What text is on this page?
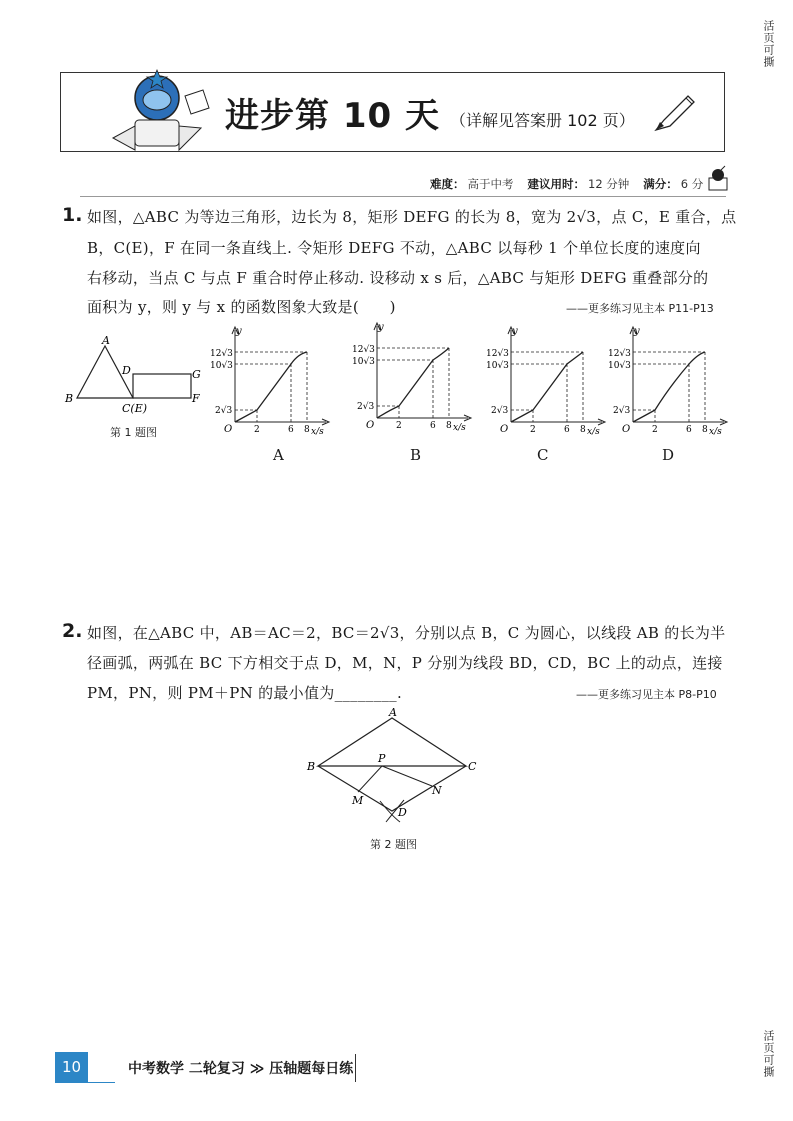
活页可撕
活页可撕
进步第 10 天 （详解见答案册 102 页）
难度： 高于中考 建议用时： 12 分钟 满分： 6 分
1. 如图，△ABC 为等边三角形，边长为 8，矩形 DEFG 的长为 8，宽为 2√3，点 C，E 重合，点
B，C(E)，F 在同一条直线上. 令矩形 DEFG 不动，△ABC 以每秒 1 个单位长度的速度向
右移动，当点 C 与点 F 重合时停止移动. 设移动 x s 后，△ABC 与矩形 DEFG 重叠部分的
面积为 y，则 y 与 x 的函数图象大致是(　　)	——更多练习见主本 P11-P13
A
B
C(E)
D
F
G
第 1 题图
y
x/s
O
12√3
10√3
2√3
2	6 8
A
y
x/s
O
12√3
10√3
2√3
2	6 8
B
y
x/s
O
12√3
10√3
2√3
2	6 8
C
y
x/s
O
12√3
10√3
2√3
2	6 8
D
2. 如图，在△ABC 中，AB＝AC＝2，BC＝2√3，分别以点 B，C 为圆心，以线段 AB 的长为半
径画弧，两弧在 BC 下方相交于点 D，M，N，P 分别为线段 BD，CD，BC 上的动点，连接
PM，PN，则 PM＋PN 的最小值为________.	——更多练习见主本 P8-P10
A
B	C
D
P
M
N
第 2 题图
10	中考数学 二轮复习 ≫ 压轴题每日练
